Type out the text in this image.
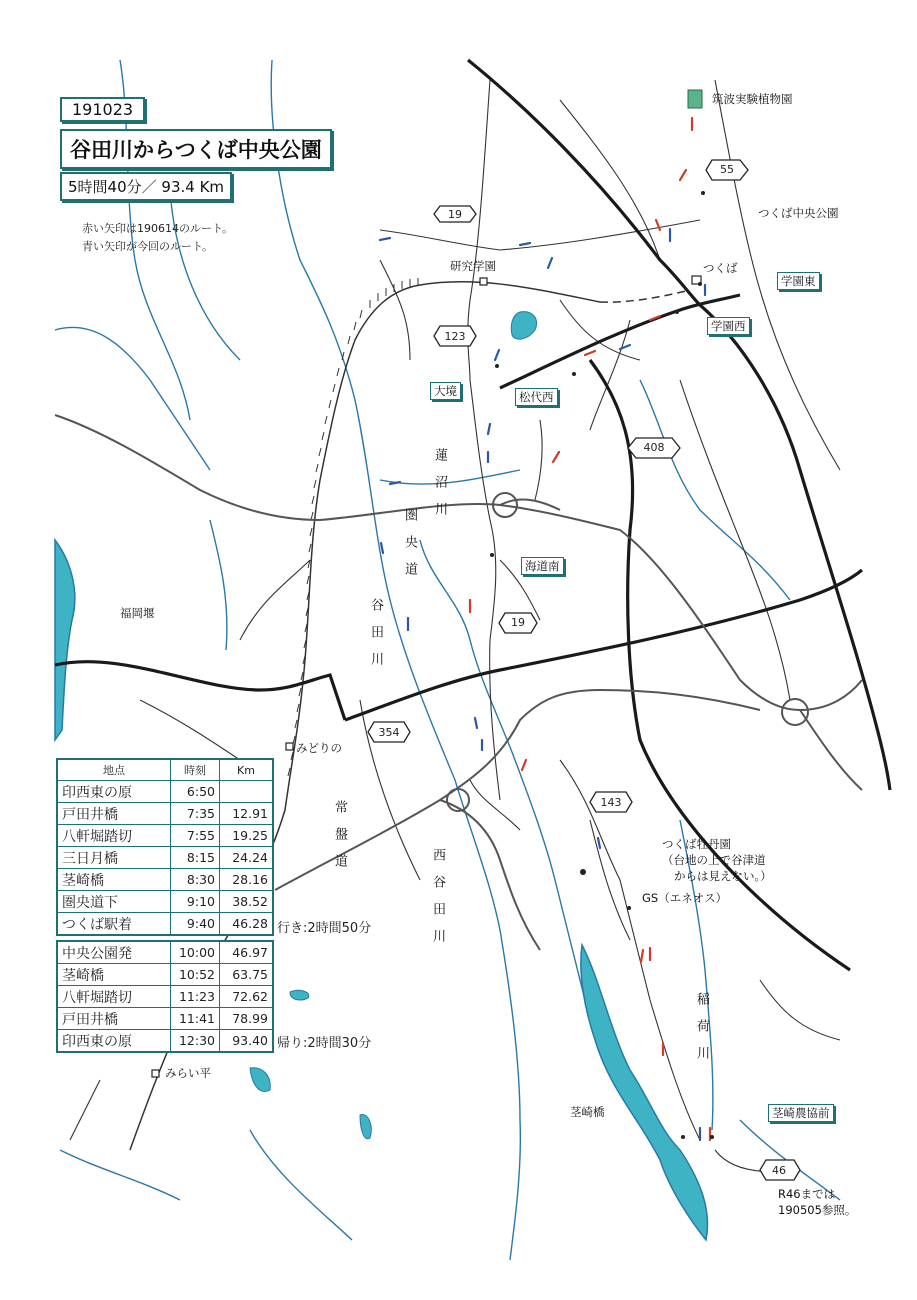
191023
谷田川からつくば中央公園
5時間40分／ 93.4 Km
赤い矢印は190614のルート。
青い矢印が今回のルート。
筑波実験植物園
つくば中央公園
つくば
研究学園
みどりの
みらい平
福岡堰
つくば牡丹園
（台地の上で谷津道
からは見えない。）
GS（エネオス）
茎崎橋
R46までは
190505参照。
学園東
学園西
大境	松代西
海道南
茎崎農協前
55
19
123
408
19
354
143
46
蓮沼川
圏央道
谷田川
常盤道
西谷田川
稲荷川
地点	時刻	Km
印西東の原	6:50	
戸田井橋	7:35	12.91
八軒堀踏切	7:55	19.25
三日月橋	8:15	24.24
茎崎橋	8:30	28.16
圏央道下	9:10	38.52
つくば駅着	9:40	46.28 行き:2時間50分
中央公園発	10:00	46.97
茎崎橋	10:52	63.75
八軒堀踏切	11:23	72.62
戸田井橋	11:41	78.99
印西東の原	12:30	93.40 帰り:2時間30分
